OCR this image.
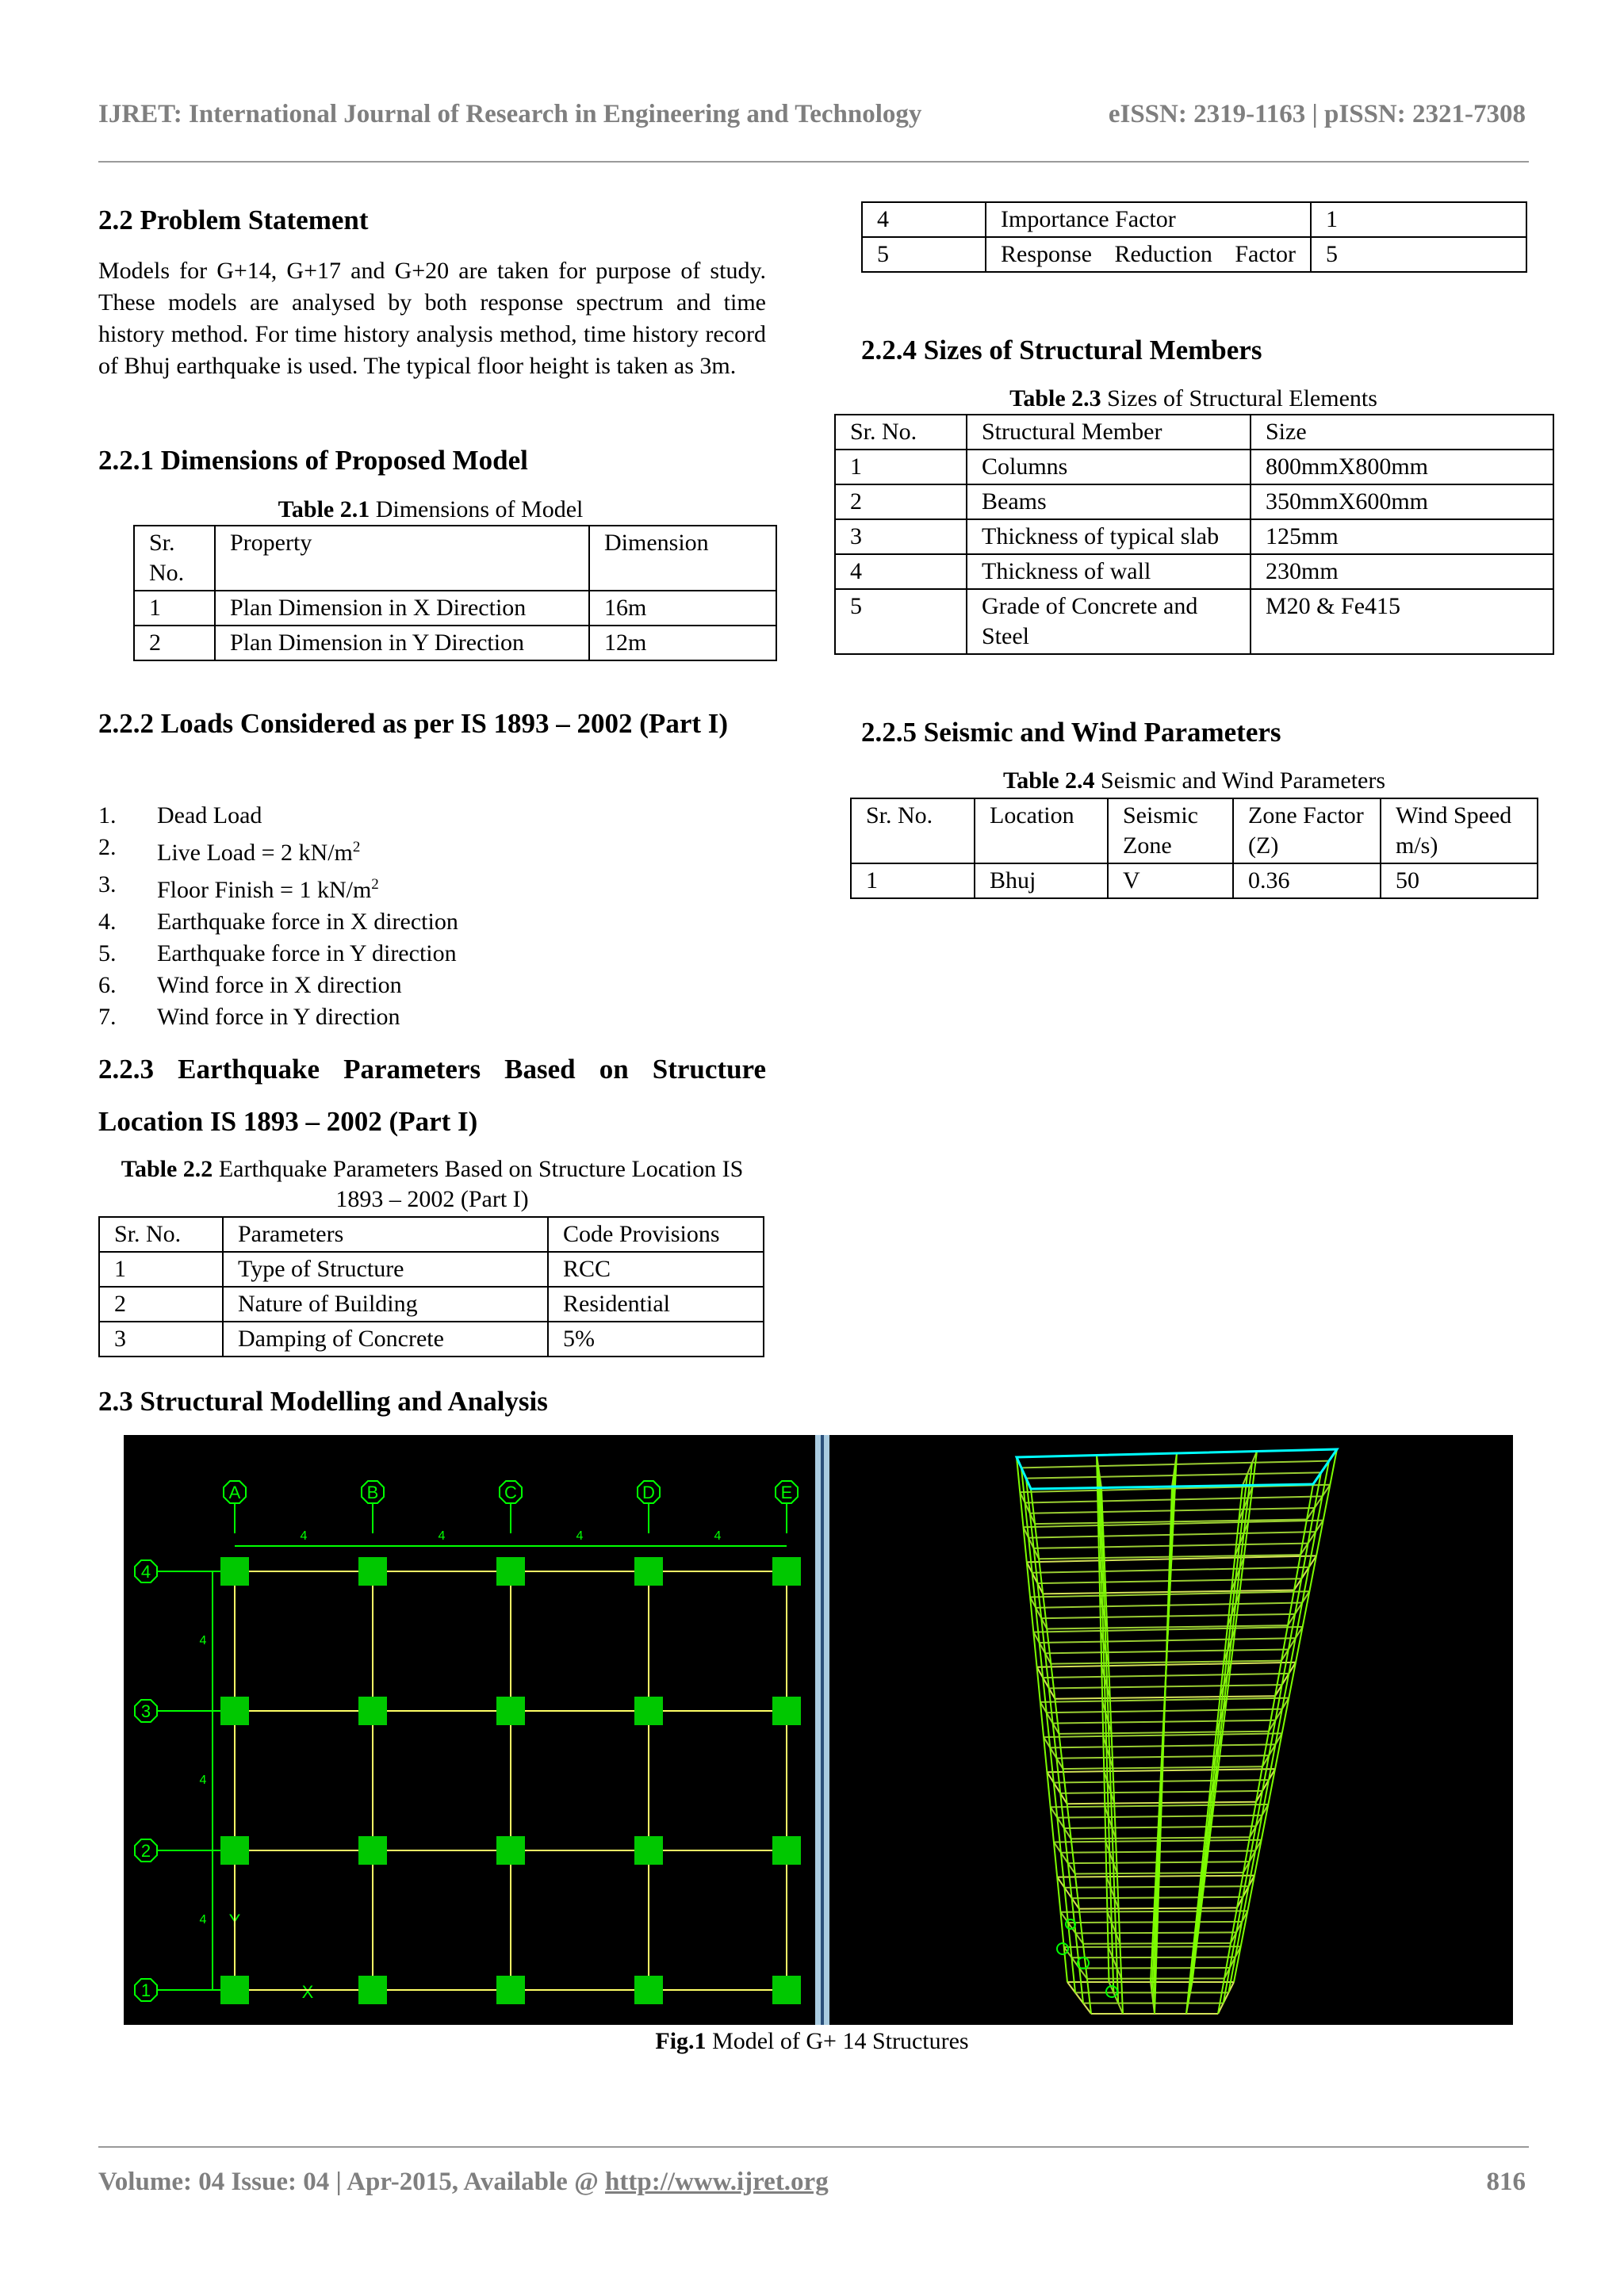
IJRET: International Journal of Research in Engineering and Technology	eISSN: 2319-1163 | pISSN: 2321-7308
2.2 Problem Statement
Models for G+14, G+17 and G+20 are taken for purpose of study. These models are analysed by both response spectrum and time history method. For time history analysis method, time history record of Bhuj earthquake is used. The typical floor height is taken as 3m.
2.2.1 Dimensions of Proposed Model
Table 2.1 Dimensions of Model
Sr. No.	Property	Dimension
1	Plan Dimension in X Direction	16m
2	Plan Dimension in Y Direction	12m
2.2.2 Loads Considered as per IS 1893 – 2002 (Part I)
1. Dead Load
2. Live Load = 2 $kN/m^2$
3. Floor Finish = 1 $kN/m^2$
4. Earthquake force in X direction
5. Earthquake force in Y direction
6. Wind force in X direction
7. Wind force in Y direction
2.2.3 Earthquake Parameters Based on Structure Location IS 1893 – 2002 (Part I)
Table 2.2 Earthquake Parameters Based on Structure Location IS 1893 – 2002 (Part I)
Sr. No.	Parameters	Code Provisions
1	Type of Structure	RCC
2	Nature of Building	Residential
3	Damping of Concrete	5%
2.3 Structural Modelling and Analysis
4	Importance Factor	1
5	Response Reduction Factor	5
2.2.4 Sizes of Structural Members
Table 2.3 Sizes of Structural Elements
Sr. No.	Structural Member	Size
1	Columns	800mmX800mm
2	Beams	350mmX600mm
3	Thickness of typical slab	125mm
4	Thickness of wall	230mm
5	Grade of Concrete and Steel	M20 & Fe415
2.2.5 Seismic and Wind Parameters
Table 2.4 Seismic and Wind Parameters
Sr. No.	Location	Seismic Zone	Zone Factor (Z)	Wind Speed m/s)
1	Bhuj	V	0.36	50
A	B	C	D	E
4
3
2
1
4	4	4	4
4
4
4
X
Y
Fig.1 Model of G+ 14 Structures
Volume: 04 Issue: 04 | Apr-2015, Available @ http://www.ijret.org	816
